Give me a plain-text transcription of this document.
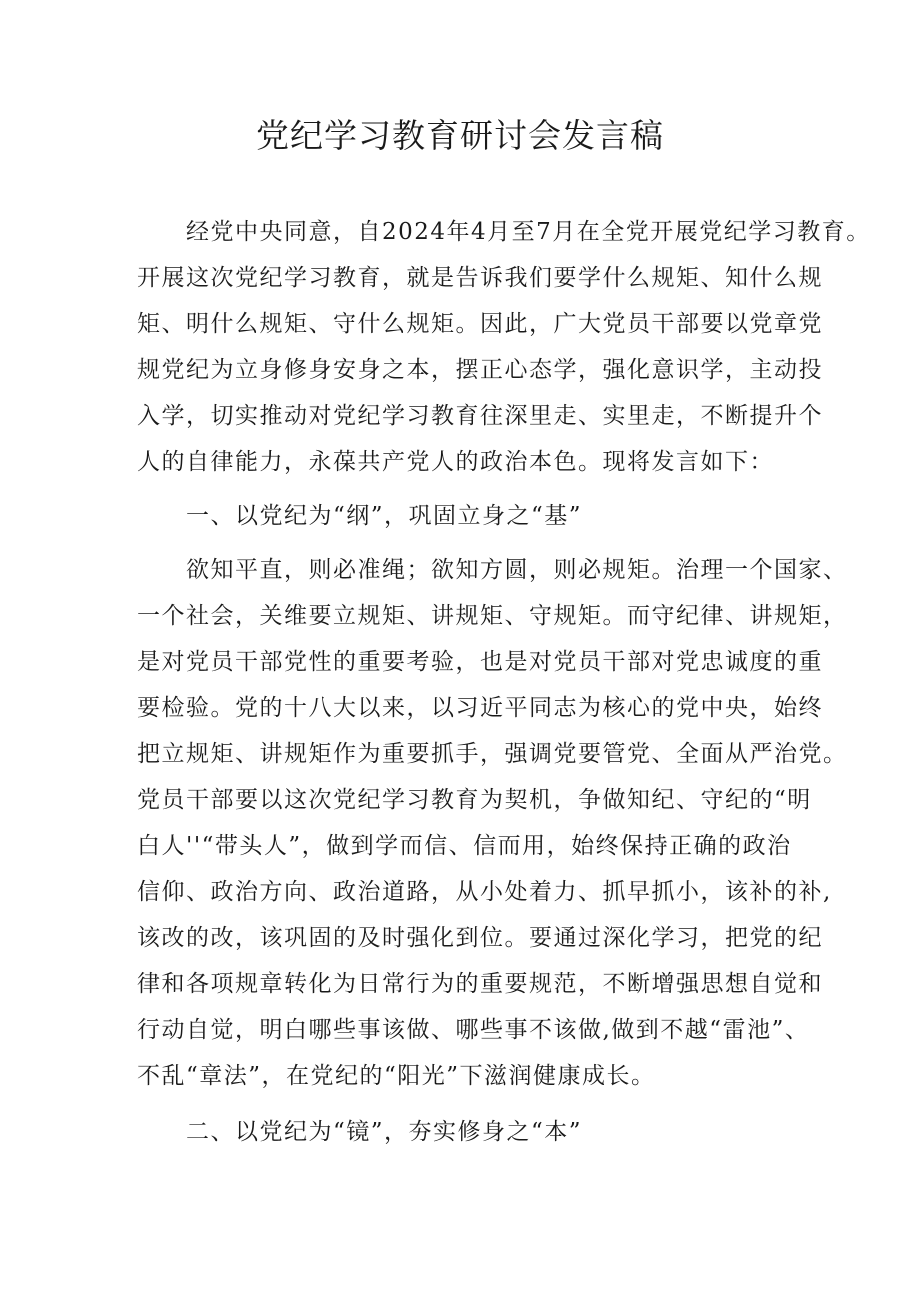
党纪学习教育研讨会发言稿
经党中央同意，自2024年4月至7月在全党开展党纪学习教育。
开展这次党纪学习教育，就是告诉我们要学什么规矩、知什么规
矩、明什么规矩、守什么规矩。因此，广大党员干部要以党章党
规党纪为立身修身安身之本，摆正心态学，强化意识学，主动投
入学，切实推动对党纪学习教育往深里走、实里走，不断提升个
人的自律能力，永葆共产党人的政治本色。现将发言如下：
一、以党纪为“纲”，巩固立身之“基”
欲知平直，则必准绳；欲知方圆，则必规矩。治理一个国家、
一个社会，关维要立规矩、讲规矩、守规矩。而守纪律、讲规矩，
是对党员干部党性的重要考验，也是对党员干部对党忠诚度的重
要检验。党的十八大以来，以习近平同志为核心的党中央，始终
把立规矩、讲规矩作为重要抓手，强调党要管党、全面从严治党。
党员干部要以这次党纪学习教育为契机，争做知纪、守纪的“明
白人''“带头人”，做到学而信、信而用，始终保持正确的政治
信仰、政治方向、政治道路，从小处着力、抓早抓小，该补的补,
该改的改，该巩固的及时强化到位。要通过深化学习，把党的纪
律和各项规章转化为日常行为的重要规范，不断增强思想自觉和
行动自觉，明白哪些事该做、哪些事不该做,做到不越“雷池”、
不乱“章法”，在党纪的“阳光”下滋润健康成长。
二、以党纪为“镜”，夯实修身之“本”
